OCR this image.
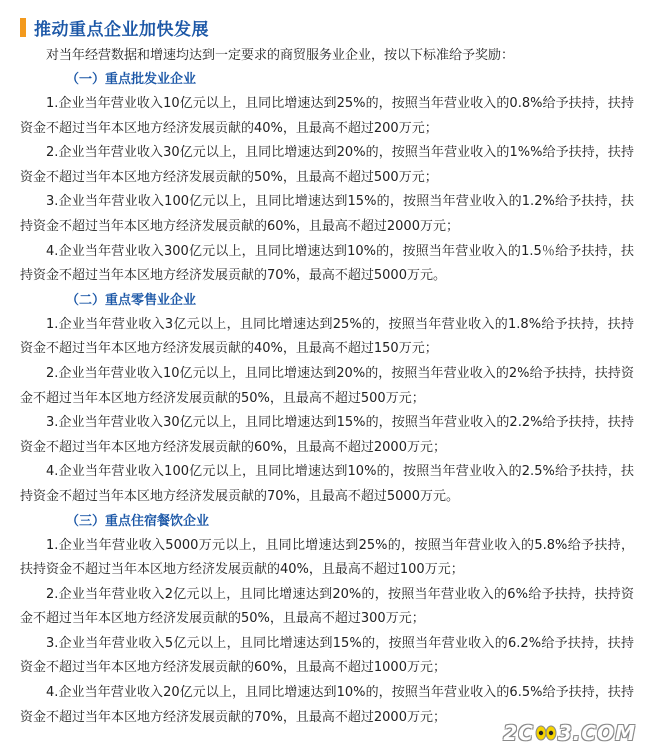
推动重点企业加快发展

对当年经营数据和增速均达到一定要求的商贸服务业企业，按以下标准给予奖励：

（一）重点批发业企业

1.企业当年营业收入10亿元以上，且同比增速达到25%的，按照当年营业收入的0.8%给予扶持，扶持资金不超过当年本区地方经济发展贡献的40%，且最高不超过200万元；

2.企业当年营业收入30亿元以上，且同比增速达到20%的，按照当年营业收入的1%%给予扶持，扶持资金不超过当年本区地方经济发展贡献的50%，且最高不超过500万元；

3.企业当年营业收入100亿元以上，且同比增速达到15%的，按照当年营业收入的1.2%给予扶持，扶持资金不超过当年本区地方经济发展贡献的60%，且最高不超过2000万元；

4.企业当年营业收入300亿元以上，且同比增速达到10%的，按照当年营业收入的1.5％给予扶持，扶持资金不超过当年本区地方经济发展贡献的70%，最高不超过5000万元。

（二）重点零售业企业

1.企业当年营业收入3亿元以上，且同比增速达到25%的，按照当年营业收入的1.8%给予扶持，扶持资金不超过当年本区地方经济发展贡献的40%，且最高不超过150万元；

2.企业当年营业收入10亿元以上，且同比增速达到20%的，按照当年营业收入的2%给予扶持，扶持资金不超过当年本区地方经济发展贡献的50%，且最高不超过500万元；

3.企业当年营业收入30亿元以上，且同比增速达到15%的，按照当年营业收入的2.2%给予扶持，扶持资金不超过当年本区地方经济发展贡献的60%，且最高不超过2000万元；

4.企业当年营业收入100亿元以上，且同比增速达到10%的，按照当年营业收入的2.5%给予扶持，扶持资金不超过当年本区地方经济发展贡献的70%，且最高不超过5000万元。

（三）重点住宿餐饮企业

1.企业当年营业收入5000万元以上，且同比增速达到25%的，按照当年营业收入的5.8%给予扶持，扶持资金不超过当年本区地方经济发展贡献的40%，且最高不超过100万元；

2.企业当年营业收入2亿元以上，且同比增速达到20%的，按照当年营业收入的6%给予扶持，扶持资金不超过当年本区地方经济发展贡献的50%，且最高不超过300万元；

3.企业当年营业收入5亿元以上，且同比增速达到15%的，按照当年营业收入的6.2%给予扶持，扶持资金不超过当年本区地方经济发展贡献的60%，且最高不超过1000万元；

4.企业当年营业收入20亿元以上，且同比增速达到10%的，按照当年营业收入的6.5%给予扶持，扶持资金不超过当年本区地方经济发展贡献的70%，且最高不超过2000万元；

2C 3.COM
